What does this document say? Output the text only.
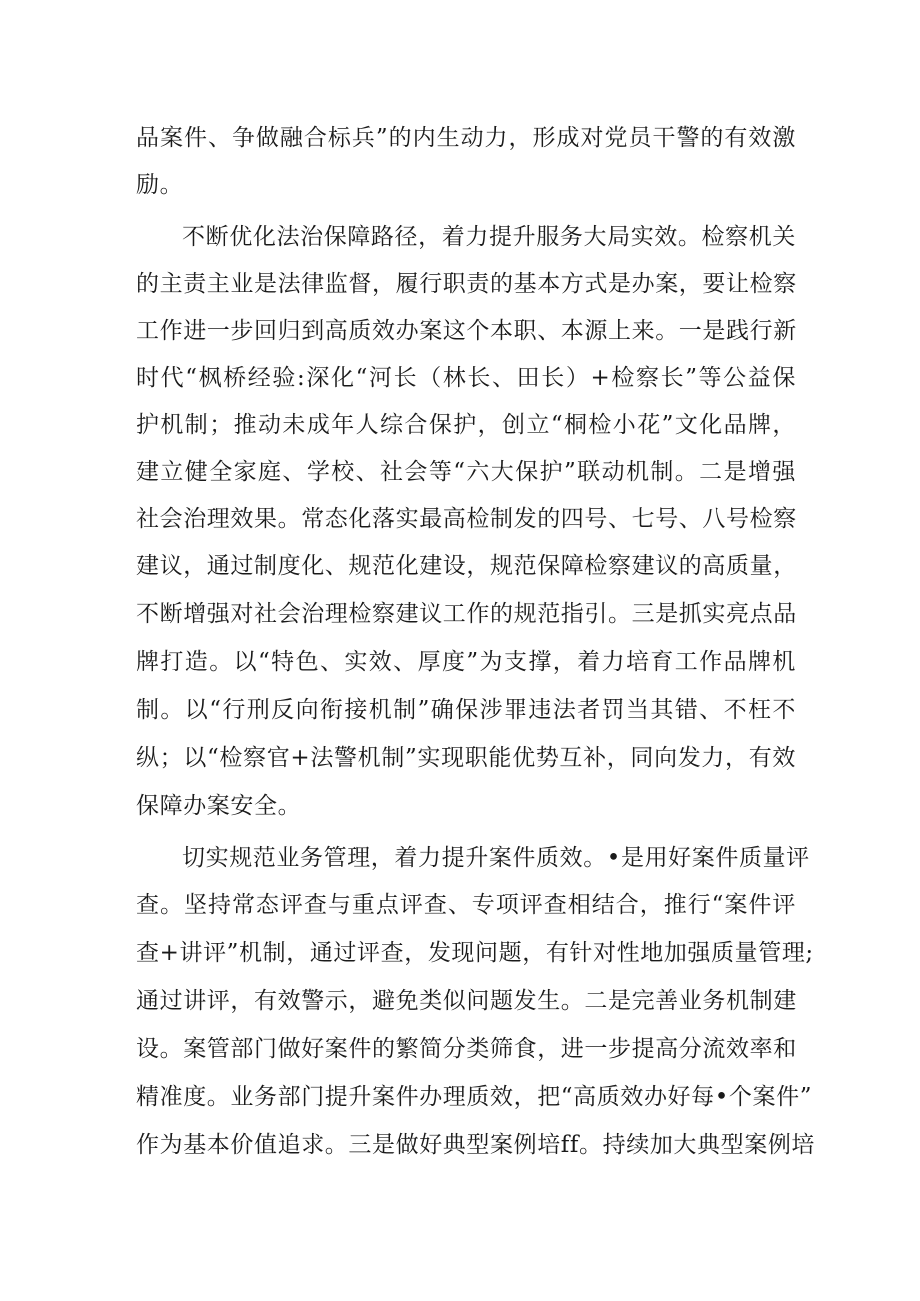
品案件、争做融合标兵”的内生动力，形成对党员干警的有效激
励。
不断优化法治保障路径，着力提升服务大局实效。检察机关
的主责主业是法律监督，履行职责的基本方式是办案，要让检察
工作进一步回归到高质效办案这个本职、本源上来。一是践行新
时代“枫桥经验:深化“河长（林长、田长）+检察长”等公益保
护机制；推动未成年人综合保护，创立“桐检小花”文化品牌，
建立健全家庭、学校、社会等“六大保护”联动机制。二是增强
社会治理效果。常态化落实最高检制发的四号、七号、八号检察
建议，通过制度化、规范化建设，规范保障检察建议的高质量，
不断增强对社会治理检察建议工作的规范指引。三是抓实亮点品
牌打造。以“特色、实效、厚度”为支撑，着力培育工作品牌机
制。以“行刑反向衔接机制”确保涉罪违法者罚当其错、不枉不
纵；以“检察官+法警机制”实现职能优势互补，同向发力，有效
保障办案安全。
切实规范业务管理，着力提升案件质效。•是用好案件质量评
查。坚持常态评查与重点评查、专项评查相结合，推行“案件评
查+讲评”机制，通过评查，发现问题，有针对性地加强质量管理;
通过讲评，有效警示，避免类似问题发生。二是完善业务机制建
设。案管部门做好案件的繁简分类筛食，进一步提高分流效率和
精准度。业务部门提升案件办理质效，把“高质效办好每•个案件”
作为基本价值追求。三是做好典型案例培ff。持续加大典型案例培
